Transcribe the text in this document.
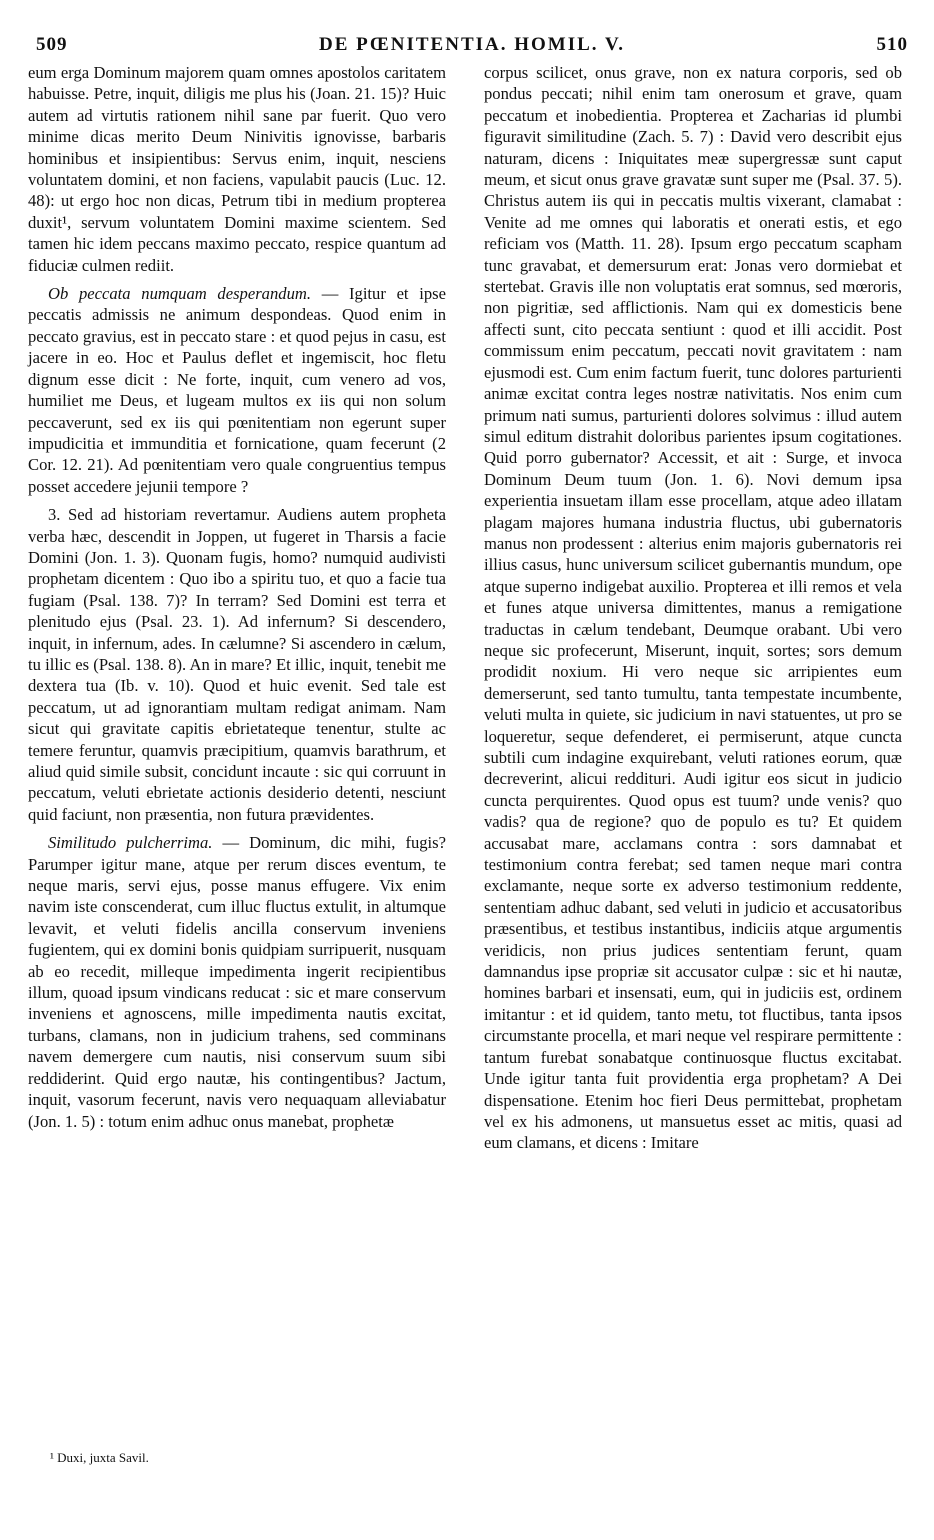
509	DE PŒNITENTIA. HOMIL. V.	510

eum erga Dominum majorem quam omnes apostolos caritatem habuisse. Petre, inquit, diligis me plus his (Joan. 21. 15)? Huic autem ad virtutis rationem nihil sane par fuerit. Quo vero minime dicas merito Deum Ninivitis ignovisse, barbaris hominibus et insipientibus: Servus enim, inquit, nesciens voluntatem domini, et non faciens, vapulabit paucis (Luc. 12. 48): ut ergo hoc non dicas, Petrum tibi in medium propterea duxit¹, servum voluntatem Domini maxime scientem. Sed tamen hic idem peccans maximo peccato, respice quantum ad fiduciæ culmen rediit.

Ob peccata numquam desperandum. — Igitur et ipse peccatis admissis ne animum despondeas. Quod enim in peccato gravius, est in peccato stare : et quod pejus in casu, est jacere in eo. Hoc et Paulus deflet et ingemiscit, hoc fletu dignum esse dicit : Ne forte, inquit, cum venero ad vos, humiliet me Deus, et lugeam multos ex iis qui non solum peccaverunt, sed ex iis qui pœnitentiam non egerunt super impudicitia et immunditia et fornicatione, quam fecerunt (2 Cor. 12. 21). Ad pœnitentiam vero quale congruentius tempus posset accedere jejunii tempore ?

3. Sed ad historiam revertamur. Audiens autem propheta verba hæc, descendit in Joppen, ut fugeret in Tharsis a facie Domini (Jon. 1. 3). Quonam fugis, homo? numquid audivisti prophetam dicentem : Quo ibo a spiritu tuo, et quo a facie tua fugiam (Psal. 138. 7)? In terram? Sed Domini est terra et plenitudo ejus (Psal. 23. 1). Ad infernum? Si descendero, inquit, in infernum, ades. In cælumne? Si ascendero in cælum, tu illic es (Psal. 138. 8). An in mare? Et illic, inquit, tenebit me dextera tua (Ib. v. 10). Quod et huic evenit. Sed tale est peccatum, ut ad ignorantiam multam redigat animam. Nam sicut qui gravitate capitis ebrietateque tenentur, stulte ac temere feruntur, quamvis præcipitium, quamvis barathrum, et aliud quid simile subsit, concidunt incaute : sic qui corruunt in peccatum, veluti ebrietate actionis desiderio detenti, nesciunt quid faciunt, non præsentia, non futura prævidentes.

Similitudo pulcherrima. — Dominum, dic mihi, fugis? Parumper igitur mane, atque per rerum disces eventum, te neque maris, servi ejus, posse manus effugere. Vix enim navim iste conscenderat, cum illuc fluctus extulit, in altumque levavit, et veluti fidelis ancilla conservum inveniens fugientem, qui ex domini bonis quidpiam surripuerit, nusquam ab eo recedit, milleque impedimenta ingerit recipientibus illum, quoad ipsum vindicans reducat : sic et mare conservum inveniens et agnoscens, mille impedimenta nautis excitat, turbans, clamans, non in judicium trahens, sed comminans navem demergere cum nautis, nisi conservum suum sibi reddiderint. Quid ergo nautæ, his contingentibus? Jactum, inquit, vasorum fecerunt, navis vero nequaquam alleviabatur (Jon. 1. 5) : totum enim adhuc onus manebat, prophetæ

corpus scilicet, onus grave, non ex natura corporis, sed ob pondus peccati; nihil enim tam onerosum et grave, quam peccatum et inobedientia. Propterea et Zacharias id plumbi figuravit similitudine (Zach. 5. 7) : David vero describit ejus naturam, dicens : Iniquitates meæ supergressæ sunt caput meum, et sicut onus grave gravatæ sunt super me (Psal. 37. 5). Christus autem iis qui in peccatis multis vixerant, clamabat : Venite ad me omnes qui laboratis et onerati estis, et ego reficiam vos (Matth. 11. 28). Ipsum ergo peccatum scapham tunc gravabat, et demersurum erat: Jonas vero dormiebat et stertebat. Gravis ille non voluptatis erat somnus, sed mœroris, non pigritiæ, sed afflictionis. Nam qui ex domesticis bene affecti sunt, cito peccata sentiunt : quod et illi accidit. Post commissum enim peccatum, peccati novit gravitatem : nam ejusmodi est. Cum enim factum fuerit, tunc dolores parturienti animæ excitat contra leges nostræ nativitatis. Nos enim cum primum nati sumus, parturienti dolores solvimus : illud autem simul editum distrahit doloribus parientes ipsum cogitationes. Quid porro gubernator? Accessit, et ait : Surge, et invoca Dominum Deum tuum (Jon. 1. 6). Novi demum ipsa experientia insuetam illam esse procellam, atque adeo illatam plagam majores humana industria fluctus, ubi gubernatoris manus non prodessent : alterius enim majoris gubernatoris rei illius casus, hunc universum scilicet gubernantis mundum, ope atque superno indigebat auxilio. Propterea et illi remos et vela et funes atque universa dimittentes, manus a remigatione traductas in cælum tendebant, Deumque orabant. Ubi vero neque sic profecerunt, Miserunt, inquit, sortes; sors demum prodidit noxium. Hi vero neque sic arripientes eum demerserunt, sed tanto tumultu, tanta tempestate incumbente, veluti multa in quiete, sic judicium in navi statuentes, ut pro se loqueretur, seque defenderet, ei permiserunt, atque cuncta subtili cum indagine exquirebant, veluti rationes eorum, quæ decreverint, alicui redditurі. Audi igitur eos sicut in judicio cuncta perquirentes. Quod opus est tuum? unde venis? quo vadis? qua de regione? quo de populo es tu? Et quidem accusabat mare, acclamans contra : sors damnabat et testimonium contra ferebat; sed tamen neque mari contra exclamante, neque sorte ex adverso testimonium reddente, sententiam adhuc dabant, sed veluti in judicio et accusatoribus præsentibus, et testibus instantibus, indiciis atque argumentis veridicis, non prius judices sententiam ferunt, quam damnandus ipse propriæ sit accusator culpæ : sic et hi nautæ, homines barbari et insensati, eum, qui in judiciis est, ordinem imitantur : et id quidem, tanto metu, tot fluctibus, tanta ipsos circumstante procella, et mari neque vel respirare permittente : tantum furebat sonabatque continuosque fluctus excitabat. Unde igitur tanta fuit providentia erga prophetam? A Dei dispensatione. Etenim hoc fieri Deus permittebat, prophetam vel ex his admonens, ut mansuetus esset ac mitis, quasi ad eum clamans, et dicens : Imitare

¹ Duxi, juxta Savil.
